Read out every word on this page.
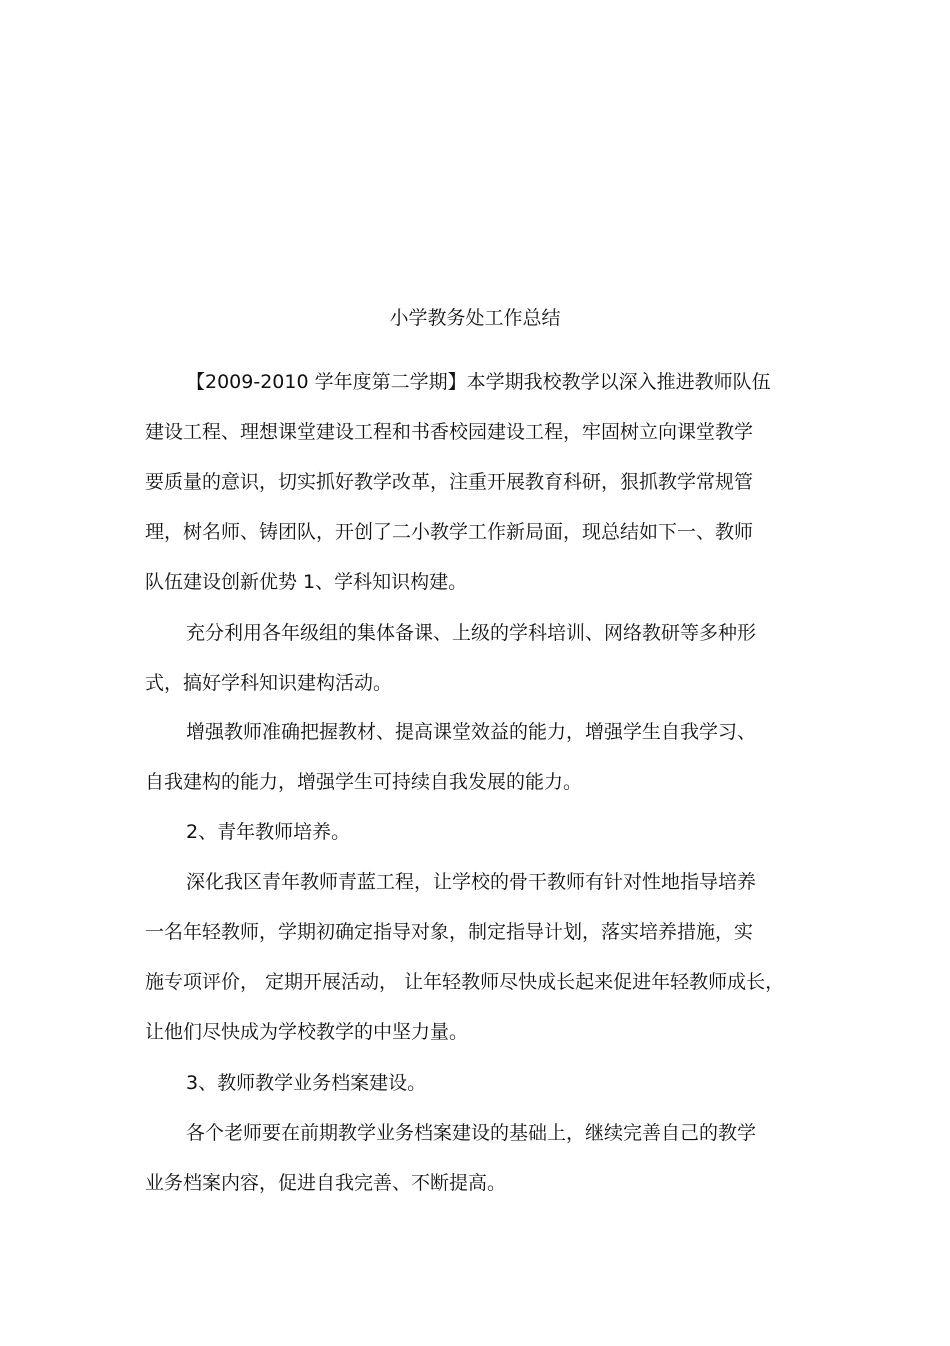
小学教务处工作总结
【2009-2010 学年度第二学期】本学期我校教学以深入推进教师队伍
建设工程、理想课堂建设工程和书香校园建设工程，牢固树立向课堂教学
要质量的意识，切实抓好教学改革，注重开展教育科研，狠抓教学常规管
理，树名师、铸团队，开创了二小教学工作新局面，现总结如下一、教师
队伍建设创新优势 1、学科知识构建。
充分利用各年级组的集体备课、上级的学科培训、网络教研等多种形
式，搞好学科知识建构活动。
增强教师准确把握教材、提高课堂效益的能力，增强学生自我学习、
自我建构的能力，增强学生可持续自我发展的能力。
2、青年教师培养。
深化我区青年教师青蓝工程，让学校的骨干教师有针对性地指导培养
一名年轻教师，学期初确定指导对象，制定指导计划，落实培养措施，实
施专项评价， 定期开展活动， 让年轻教师尽快成长起来促进年轻教师成长，
让他们尽快成为学校教学的中坚力量。
3、教师教学业务档案建设。
各个老师要在前期教学业务档案建设的基础上，继续完善自己的教学
业务档案内容，促进自我完善、不断提高。
